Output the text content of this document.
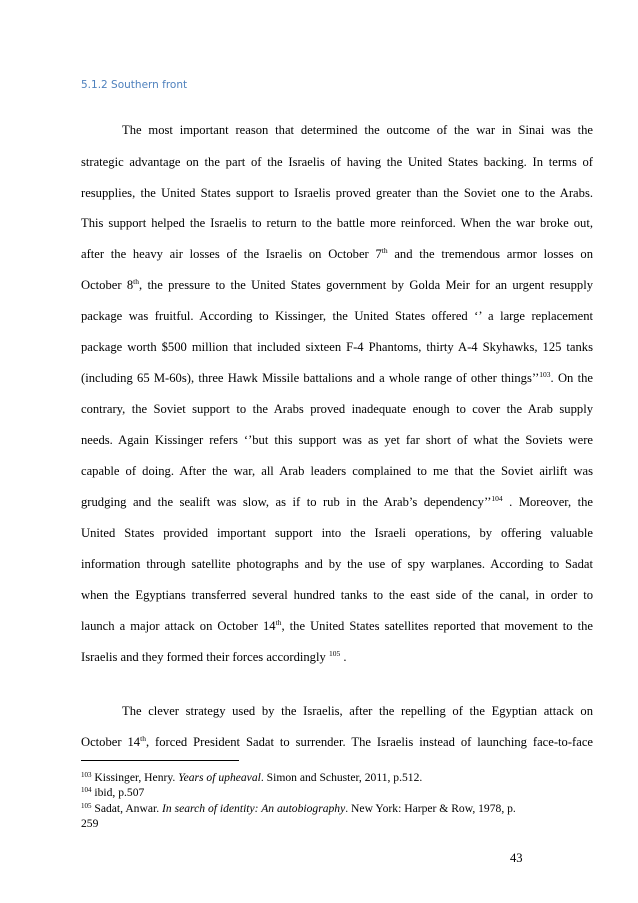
5.1.2 Southern front
The most important reason that determined the outcome of the war in Sinai was the
strategic advantage on the part of the Israelis of having the United States backing. In terms of
resupplies, the United States support to Israelis proved greater than the Soviet one to the Arabs.
This support helped the Israelis to return to the battle more reinforced. When the war broke out,
after the heavy air losses of the Israelis on October 7th and the tremendous armor losses on
October 8th, the pressure to the United States government by Golda Meir for an urgent resupply
package was fruitful. According to Kissinger, the United States offered ‘’ a large replacement
package worth $500 million that included sixteen F-4 Phantoms, thirty A-4 Skyhawks, 125 tanks
(including 65 M-60s), three Hawk Missile battalions and a whole range of other things’’$^{103}$. On the
contrary, the Soviet support to the Arabs proved inadequate enough to cover the Arab supply
needs. Again Kissinger refers ‘’but this support was as yet far short of what the Soviets were
capable of doing. After the war, all Arab leaders complained to me that the Soviet airlift was
grudging and the sealift was slow, as if to rub in the Arab’s dependency’’$^{104}$ . Moreover, the
United States provided important support into the Israeli operations, by offering valuable
information through satellite photographs and by the use of spy warplanes. According to Sadat
when the Egyptians transferred several hundred tanks to the east side of the canal, in order to
launch a major attack on October 14th, the United States satellites reported that movement to the
Israelis and they formed their forces accordingly $^{105}$ .
The clever strategy used by the Israelis, after the repelling of the Egyptian attack on
October 14th, forced President Sadat to surrender. The Israelis instead of launching face-to-face
$^{103}$ Kissinger, Henry. Years of upheaval. Simon and Schuster, 2011, p.512.
$^{104}$ ibid, p.507
$^{105}$ Sadat, Anwar. In search of identity: An autobiography. New York: Harper & Row, 1978, p.
259
43
